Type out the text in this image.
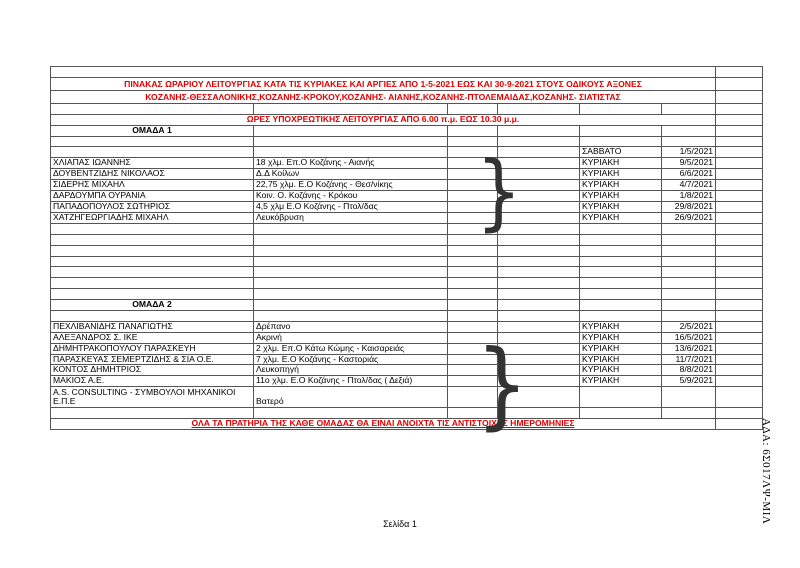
ΠΙΝΑΚΑΣ ΩΡΑΡΙΟΥ ΛΕΙΤΟΥΡΓΙΑΣ ΚΑΤΑ ΤΙΣ ΚΥΡΙΑΚΕΣ ΚΑΙ ΑΡΓΙΕΣ ΑΠΟ 1-5-2021 ΕΩΣ ΚΑΙ 30-9-2021 ΣΤΟΥΣ ΟΔΙΚΟΥΣ ΑΞΟΝΕΣ						
ΚΟΖΑΝΗΣ-ΘΕΣΣΑΛΟΝΙΚΗΣ,ΚΟΖΑΝΗΣ-ΚΡΟΚΟΥ,ΚΟΖΑΝΗΣ- ΑΙΑΝΗΣ,ΚΟΖΑΝΗΣ-ΠΤΟΛΕΜΑΙΔΑΣ,ΚΟΖΑΝΗΣ- ΣΙΑΤΙΣΤΑΣ						

ΩΡΕΣ ΥΠΟΧΡΕΩΤΙΚΗΣ ΛΕΙΤΟΥΡΓΙΑΣ ΑΠΟ 6.00 π.μ. ΕΩΣ 10.30 μ.μ.						
ΟΜΑΔΑ 1						

				ΣΑΒΒΑΤΟ	1/5/2021	
ΧΛΙΑΠΑΣ ΙΩΑΝΝΗΣ	18 χλμ. Επ.Ο Κοζάνης - Αιανής			ΚΥΡΙΑΚΗ	9/5/2021	
ΔΟΥΒΕΝΤΖΙΔΗΣ ΝΙΚΟΛΑΟΣ	Δ.Δ Κοίλων			ΚΥΡΙΑΚΗ	6/6/2021	
ΣΙΔΕΡΗΣ ΜΙΧΑΗΛ	22,75 χλμ. Ε.Ο Κοζάνης - Θεσ/νίκης			ΚΥΡΙΑΚΗ	4/7/2021	
ΔΑΡΔΟΥΜΠΑ ΟΥΡΑΝΙΑ	Κοιν. Ο. Κοζάνης - Κρόκου			ΚΥΡΙΑΚΗ	1/8/2021	
ΠΑΠΑΔΟΠΟΥΛΟΣ ΣΩΤΗΡΙΟΣ	4,5 χλμ Ε.Ο Κοζάνης - Πτολ/δας			ΚΥΡΙΑΚΗ	29/8/2021	
ΧΑΤΖΗΓΕΩΡΓΙΑΔΗΣ ΜΙΧΑΗΛ	Λευκόβρυση			ΚΥΡΙΑΚΗ	26/9/2021	

ΟΜΑΔΑ 2						

ΠΕΧΛΙΒΑΝΙΔΗΣ ΠΑΝΑΓΙΩΤΗΣ	Δρέπανο			ΚΥΡΙΑΚΗ	2/5/2021	
ΑΛΕΞΑΝΔΡΟΣ Σ. ΙΚΕ	Ακρινή			ΚΥΡΙΑΚΗ	16/5/2021	
ΔΗΜΗΤΡΑΚΟΠΟΥΛΟΥ ΠΑΡΑΣΚΕΥΗ	2 χλμ. Επ.Ο Κάτω Κώμης - Καισαρειάς			ΚΥΡΙΑΚΗ	13/6/2021	
ΠΑΡΑΣΚΕΥΑΣ ΣΕΜΕΡΤΖΙΔΗΣ & ΣΙΑ Ο.Ε.	7 χλμ. Ε.Ο Κοζάνης - Καστοριάς			ΚΥΡΙΑΚΗ	11/7/2021	
ΚΟΝΤΟΣ ΔΗΜΗΤΡΙΟΣ	Λευκοπηγή			ΚΥΡΙΑΚΗ	8/8/2021	
ΜΑΚΙΟΣ Α.Ε.	11ο χλμ. Ε.Ο Κοζάνης - Πτολ/δας ( Δεξιά)			ΚΥΡΙΑΚΗ	5/9/2021	
A.S. CONSULTING - ΣΥΜΒΟΥΛΟΙ ΜΗΧΑΝΙΚΟΙ Ε.Π.Ε	Βατερό					

ΟΛΑ ΤΑ ΠΡΑΤΗΡΙΑ ΤΗΣ ΚΑΘΕ ΟΜΑΔΑΣ ΘΑ ΕΙΝΑΙ ΑΝΟΙΧΤΑ ΤΙΣ ΑΝΤΙΣΤΟΙΧΕΣ ΗΜΕΡΟΜΗΝΙΕΣ						
}
}
Σελίδα 1	ΑΔΑ: 6Σ017ΛΨ-ΜΙΛ
